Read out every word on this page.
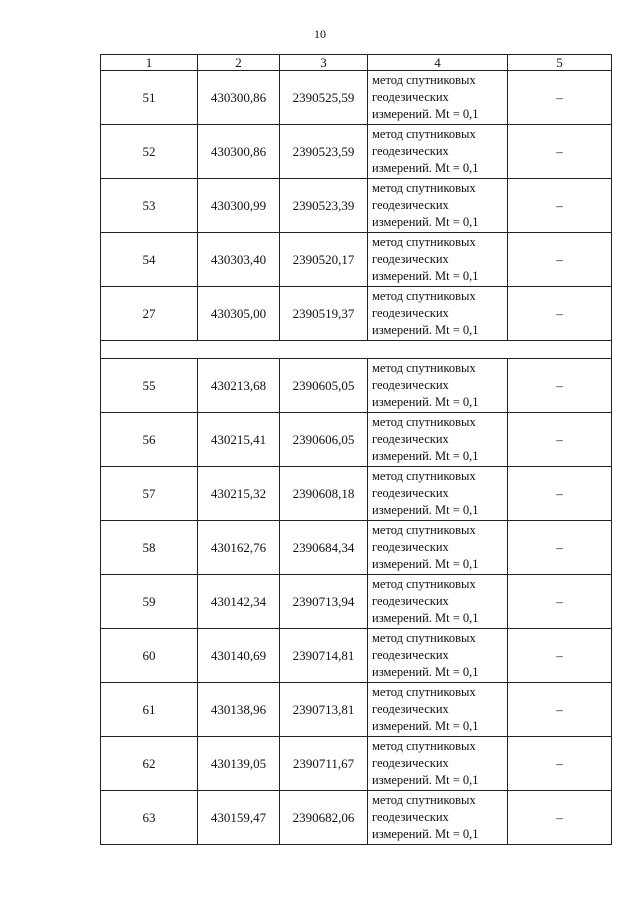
10
1	2	3	4	5
51	430300,86	2390525,59	метод спутниковых геодезических измерений. Mt = 0,1	–
52	430300,86	2390523,59	метод спутниковых геодезических измерений. Mt = 0,1	–
53	430300,99	2390523,39	метод спутниковых геодезических измерений. Mt = 0,1	–
54	430303,40	2390520,17	метод спутниковых геодезических измерений. Mt = 0,1	–
27	430305,00	2390519,37	метод спутниковых геодезических измерений. Mt = 0,1	–

55	430213,68	2390605,05	метод спутниковых геодезических измерений. Mt = 0,1	–
56	430215,41	2390606,05	метод спутниковых геодезических измерений. Mt = 0,1	–
57	430215,32	2390608,18	метод спутниковых геодезических измерений. Mt = 0,1	–
58	430162,76	2390684,34	метод спутниковых геодезических измерений. Mt = 0,1	–
59	430142,34	2390713,94	метод спутниковых геодезических измерений. Mt = 0,1	–
60	430140,69	2390714,81	метод спутниковых геодезических измерений. Mt = 0,1	–
61	430138,96	2390713,81	метод спутниковых геодезических измерений. Mt = 0,1	–
62	430139,05	2390711,67	метод спутниковых геодезических измерений. Mt = 0,1	–
63	430159,47	2390682,06	метод спутниковых геодезических измерений. Mt = 0,1	–
